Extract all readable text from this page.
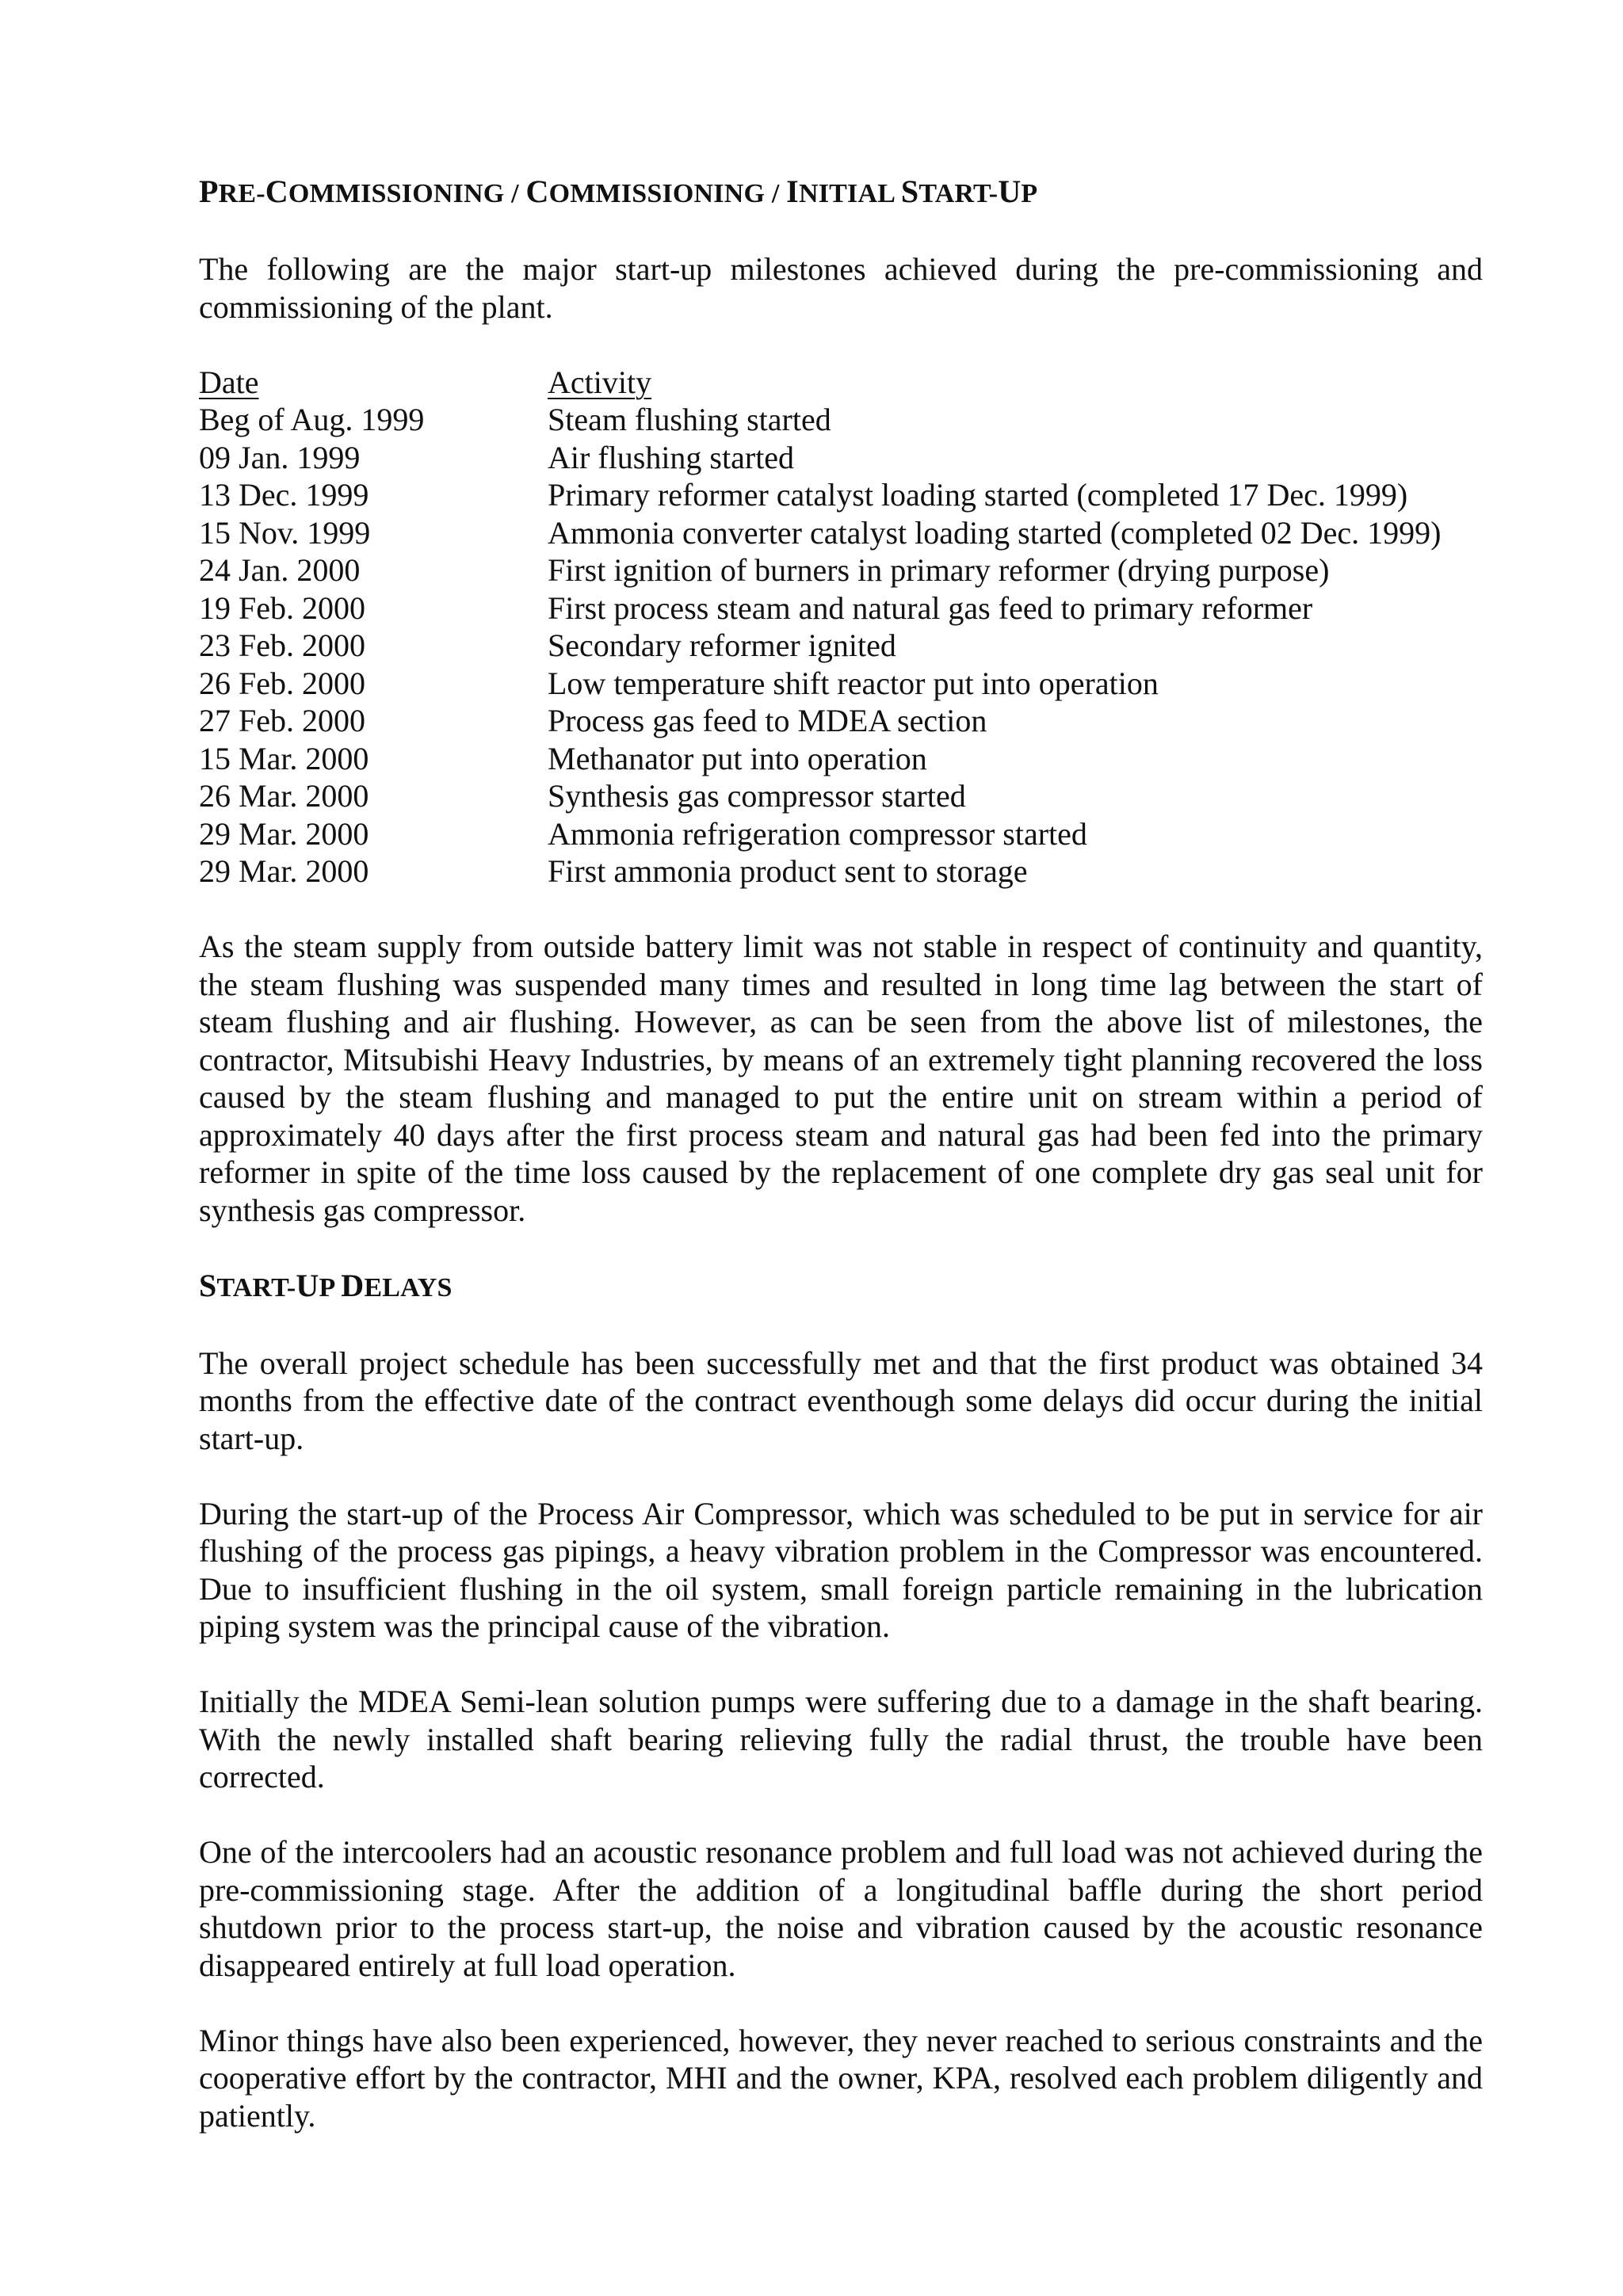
PRE-COMMISSIONING / COMMISSIONING / INITIAL START-UP

The following are the major start-up milestones achieved during the pre-commissioning and commissioning of the plant.

Date	Activity
Beg of Aug. 1999	Steam flushing started
09 Jan. 1999	Air flushing started
13 Dec. 1999	Primary reformer catalyst loading started (completed 17 Dec. 1999)
15 Nov. 1999	Ammonia converter catalyst loading started (completed 02 Dec. 1999)
24 Jan. 2000	First ignition of burners in primary reformer (drying purpose)
19 Feb. 2000	First process steam and natural gas feed to primary reformer
23 Feb. 2000	Secondary reformer ignited
26 Feb. 2000	Low temperature shift reactor put into operation
27 Feb. 2000	Process gas feed to MDEA section
15 Mar. 2000	Methanator put into operation
26 Mar. 2000	Synthesis gas compressor started
29 Mar. 2000	Ammonia refrigeration compressor started
29 Mar. 2000	First ammonia product sent to storage

As the steam supply from outside battery limit was not stable in respect of continuity and quantity, the steam flushing was suspended many times and resulted in long time lag between the start of steam flushing and air flushing. However, as can be seen from the above list of milestones, the contractor, Mitsubishi Heavy Industries, by means of an extremely tight planning recovered the loss caused by the steam flushing and managed to put the entire unit on stream within a period of approximately 40 days after the first process steam and natural gas had been fed into the primary reformer in spite of the time loss caused by the replacement of one complete dry gas seal unit for synthesis gas compressor.

START-UP DELAYS

The overall project schedule has been successfully met and that the first product was obtained 34 months from the effective date of the contract eventhough some delays did occur during the initial start-up.

During the start-up of the Process Air Compressor, which was scheduled to be put in service for air flushing of the process gas pipings, a heavy vibration problem in the Compressor was encountered. Due to insufficient flushing in the oil system, small foreign particle remaining in the lubrication piping system was the principal cause of the vibration.

Initially the MDEA Semi-lean solution pumps were suffering due to a damage in the shaft bearing. With the newly installed shaft bearing relieving fully the radial thrust, the trouble have been corrected.

One of the intercoolers had an acoustic resonance problem and full load was not achieved during the pre-commissioning stage. After the addition of a longitudinal baffle during the short period shutdown prior to the process start-up, the noise and vibration caused by the acoustic resonance disappeared entirely at full load operation.

Minor things have also been experienced, however, they never reached to serious constraints and the cooperative effort by the contractor, MHI and the owner, KPA, resolved each problem diligently and patiently.
